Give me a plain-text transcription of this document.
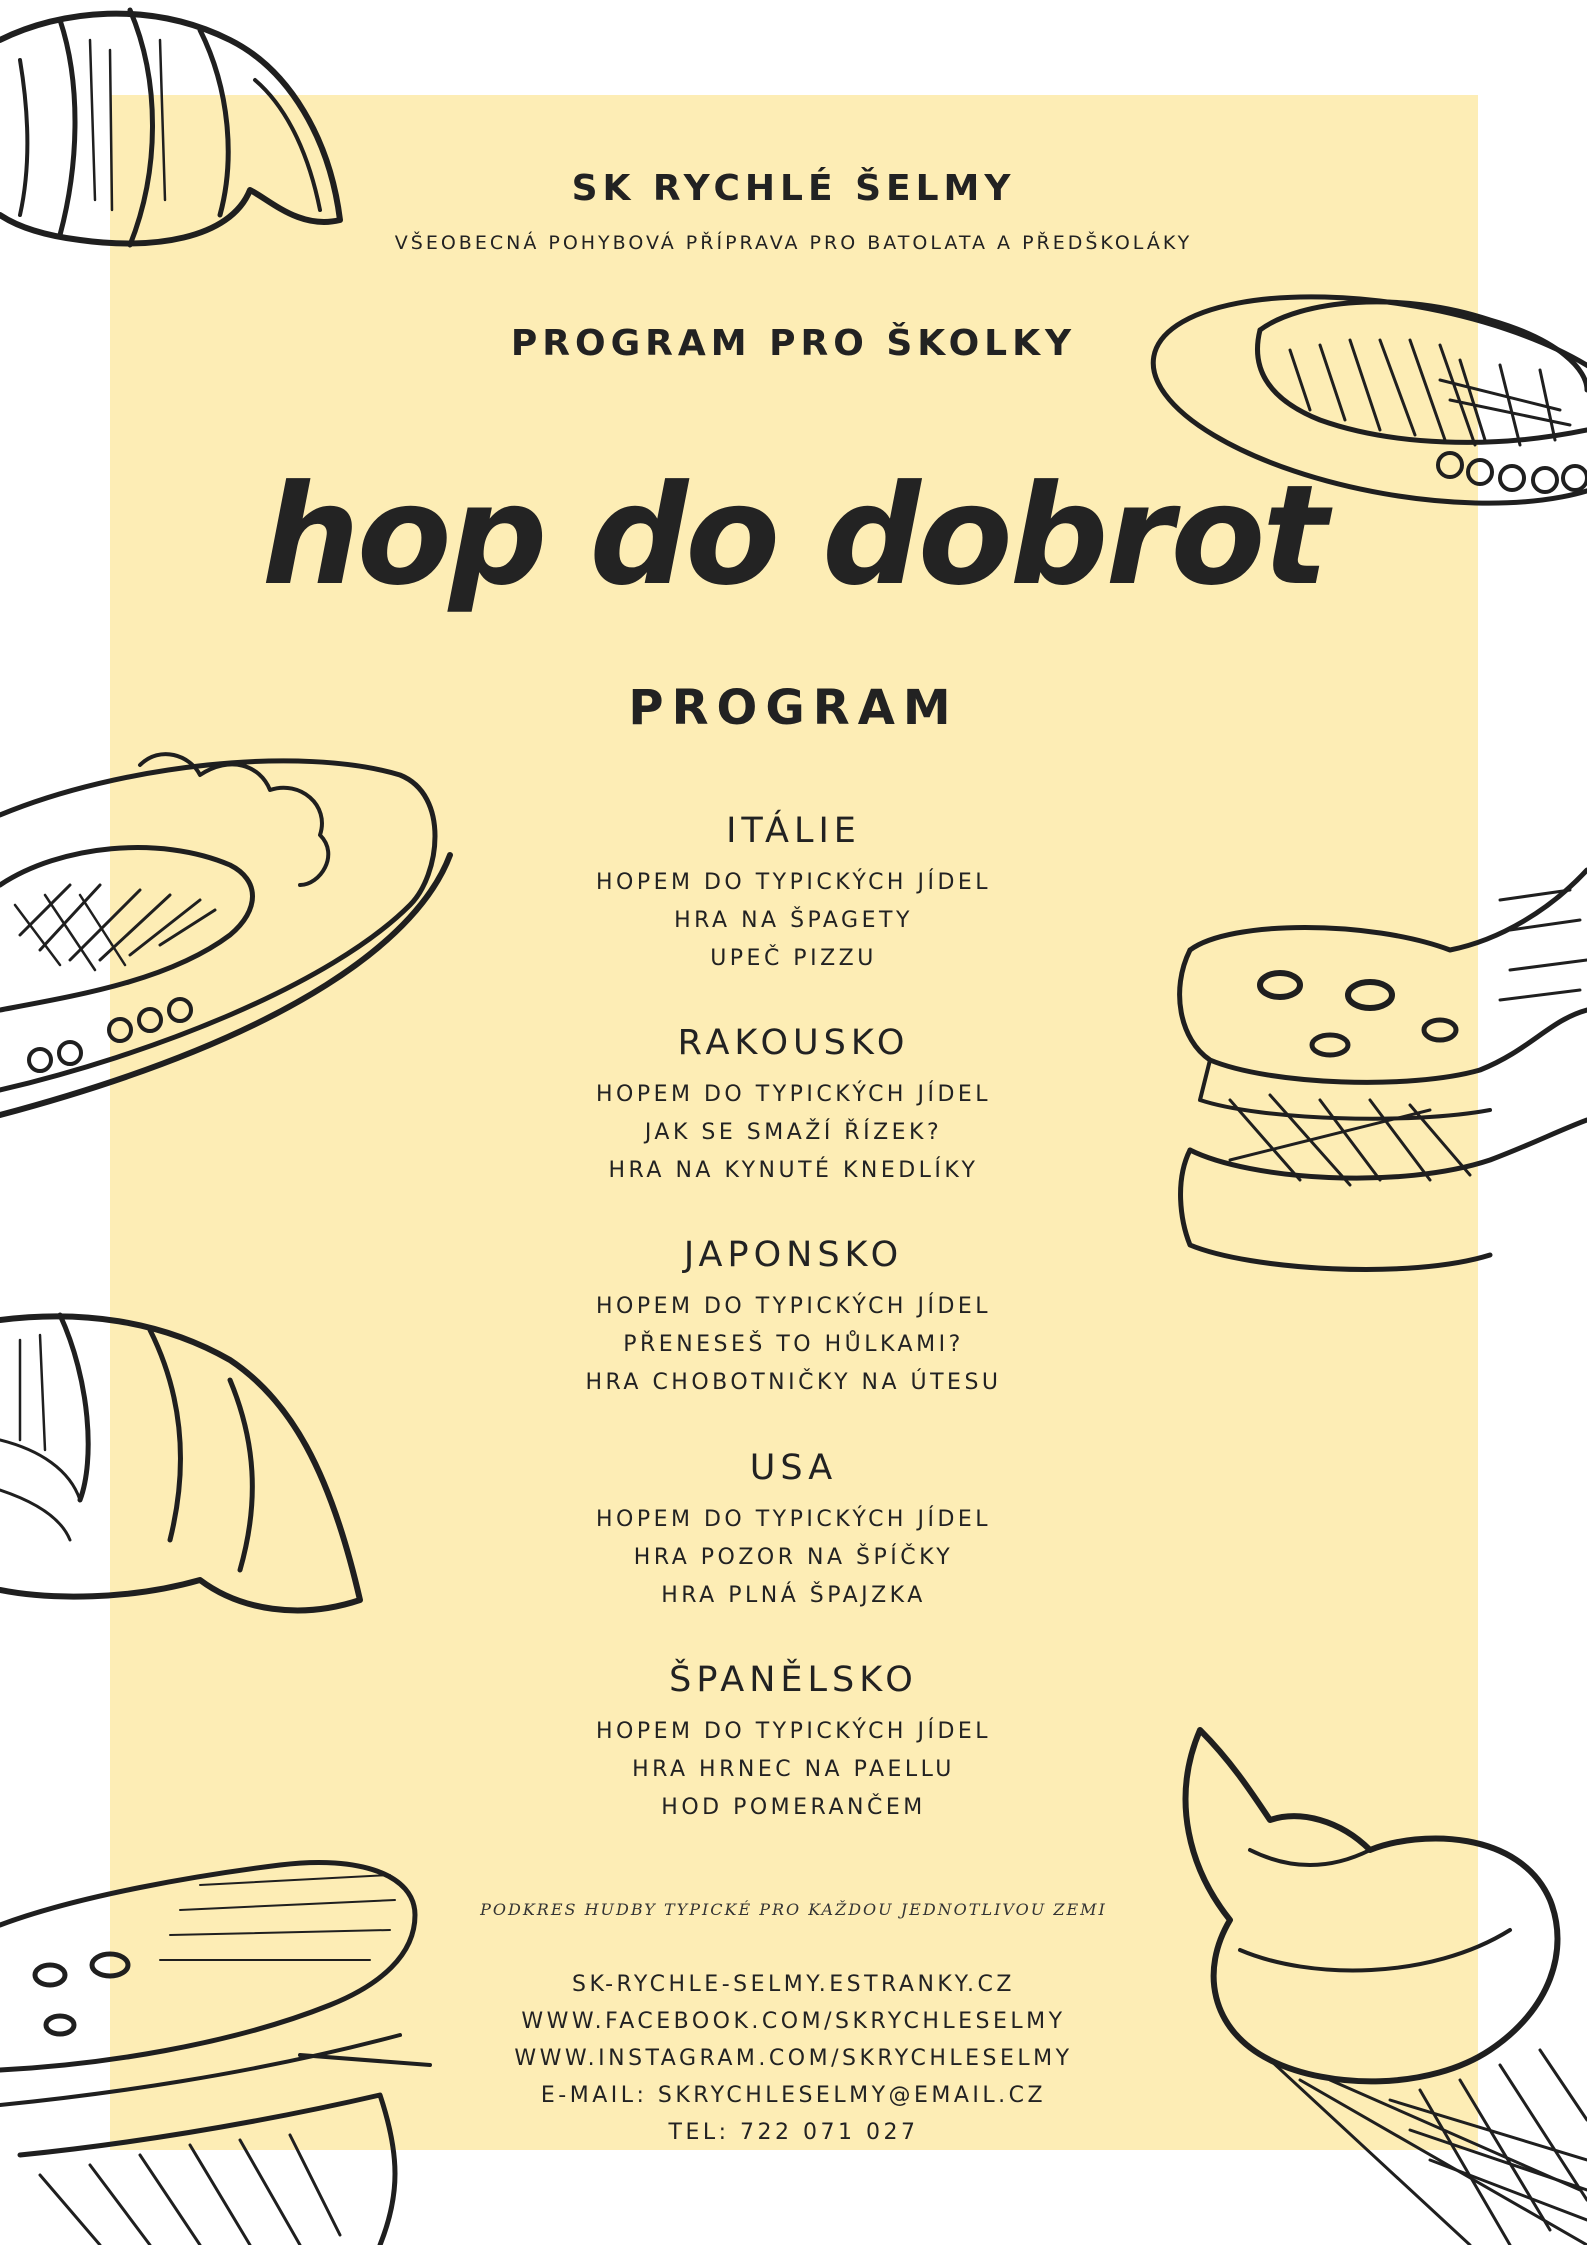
SK RYCHLÉ ŠELMY

VŠEOBECNÁ POHYBOVÁ PŘÍPRAVA PRO BATOLATA A PŘEDŠKOLÁKY

PROGRAM PRO ŠKOLKY

hop do dobrot
PROGRAM
ITÁLIE
HOPEM DO TYPICKÝCH JÍDEL
HRA NA ŠPAGETY
UPEČ PIZZU
RAKOUSKO
HOPEM DO TYPICKÝCH JÍDEL
JAK SE SMAŽÍ ŘÍZEK?
HRA NA KYNUTÉ KNEDLÍKY
JAPONSKO
HOPEM DO TYPICKÝCH JÍDEL
PŘENESEŠ TO HŮLKAMI?
HRA CHOBOTNIČKY NA ÚTESU
USA
HOPEM DO TYPICKÝCH JÍDEL
HRA POZOR NA ŠPÍČKY
HRA PLNÁ ŠPAJZKA
ŠPANĚLSKO
HOPEM DO TYPICKÝCH JÍDEL
HRA HRNEC NA PAELLU
HOD POMERANČEM

PODKRES HUDBY TYPICKÉ PRO KAŽDOU JEDNOTLIVOU ZEMI

SK-RYCHLE-SELMY.ESTRANKY.CZ
WWW.FACEBOOK.COM/SKRYCHLESELMY
WWW.INSTAGRAM.COM/SKRYCHLESELMY
E-MAIL: SKRYCHLESELMY@EMAIL.CZ
TEL: 722 071 027
